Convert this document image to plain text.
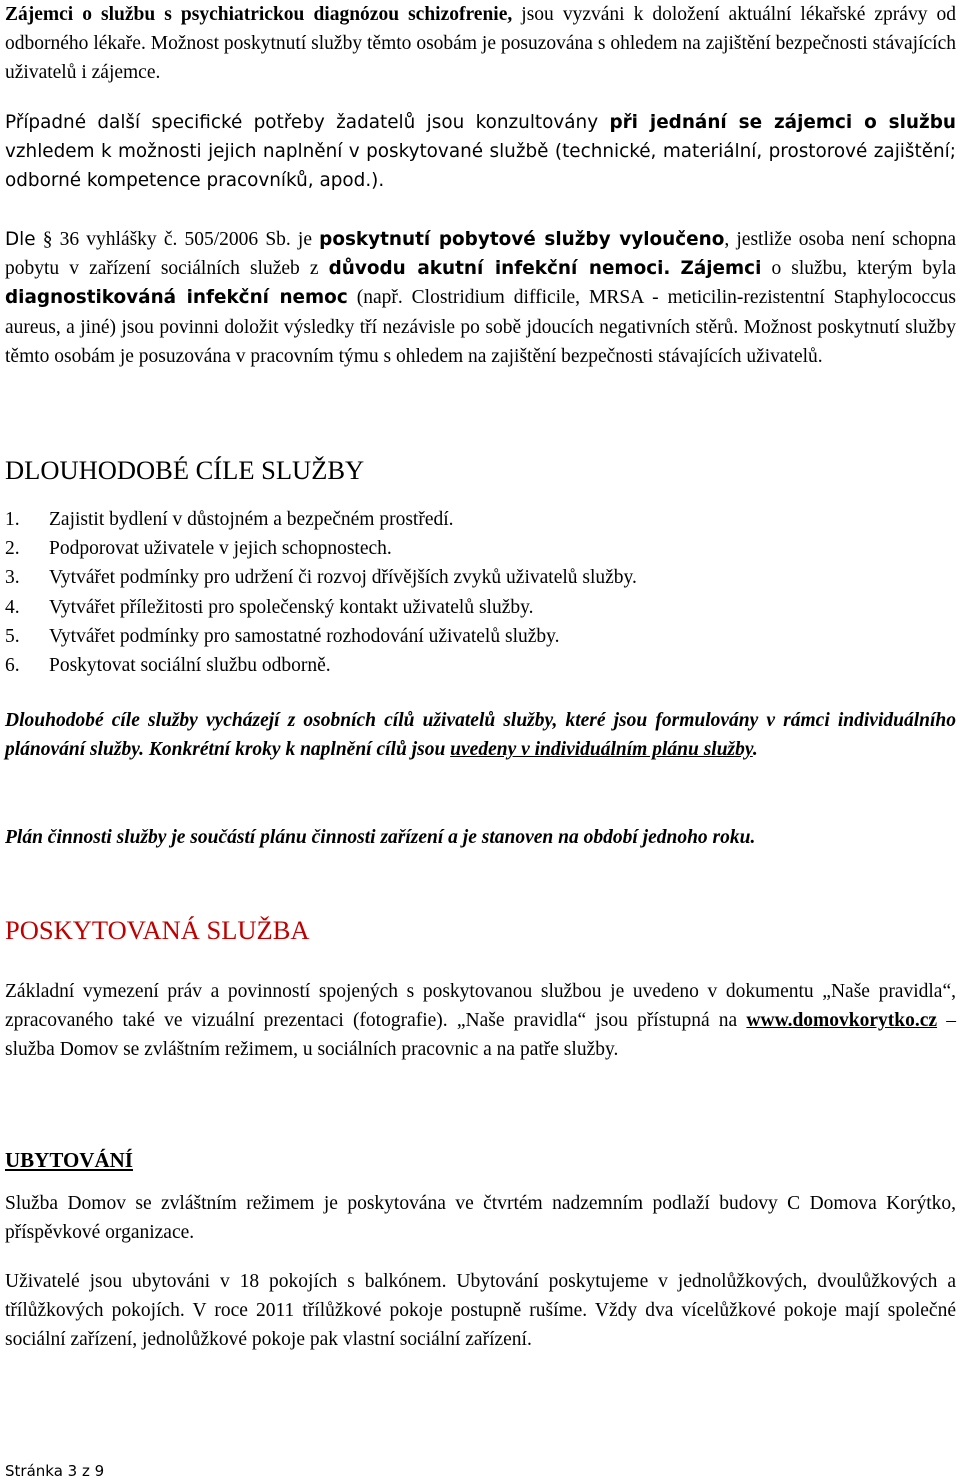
Zájemci o službu s psychiatrickou diagnózou schizofrenie, jsou vyzváni k doložení aktuální lékařské zprávy od odborného lékaře. Možnost poskytnutí služby těmto osobám je posuzována s ohledem na zajištění bezpečnosti stávajících uživatelů i zájemce.

Případné další specifické potřeby žadatelů jsou konzultovány při jednání se zájemci o službu vzhledem k možnosti jejich naplnění v poskytované službě (technické, materiální, prostorové zajištění; odborné kompetence pracovníků, apod.).

Dle § 36 vyhlášky č. 505/2006 Sb. je poskytnutí pobytové služby vyloučeno, jestliže osoba není schopna pobytu v zařízení sociálních služeb z důvodu akutní infekční nemoci. Zájemci o službu, kterým byla diagnostikováná infekční nemoc (např. Clostridium difficile, MRSA - meticilin-rezistentní Staphylococcus aureus, a jiné) jsou povinni doložit výsledky tří nezávisle po sobě jdoucích negativních stěrů. Možnost poskytnutí služby těmto osobám je posuzována v pracovním týmu s ohledem na zajištění bezpečnosti stávajících uživatelů.

DLOUHODOBÉ CÍLE SLUŽBY
1.	Zajistit bydlení v důstojném a bezpečném prostředí.
2.	Podporovat uživatele v jejich schopnostech.
3.	Vytvářet podmínky pro udržení či rozvoj dřívějších zvyků uživatelů služby.
4.	Vytvářet příležitosti pro společenský kontakt uživatelů služby.
5.	Vytvářet podmínky pro samostatné rozhodování uživatelů služby.
6.	Poskytovat sociální službu odborně.

Dlouhodobé cíle služby vycházejí z osobních cílů uživatelů služby, které jsou formulovány v rámci individuálního plánování služby. Konkrétní kroky k naplnění cílů jsou uvedeny v individuálním plánu služby.

Plán činnosti služby je součástí plánu činnosti zařízení a je stanoven na období jednoho roku.

POSKYTOVANÁ SLUŽBA

Základní vymezení práv a povinností spojených s poskytovanou službou je uvedeno v dokumentu „Naše pravidla“, zpracovaného také ve vizuální prezentaci (fotografie). „Naše pravidla“ jsou přístupná na www.domovkorytko.cz – služba Domov se zvláštním režimem, u sociálních pracovnic a na patře služby.

UBYTOVÁNÍ

Služba Domov se zvláštním režimem je poskytována ve čtvrtém nadzemním podlaží budovy C Domova Korýtko, příspěvkové organizace.

Uživatelé jsou ubytováni v 18 pokojích s balkónem. Ubytování poskytujeme v jednolůžkových, dvoulůžkových a třílůžkových pokojích. V roce 2011 třílůžkové pokoje postupně rušíme. Vždy dva vícelůžkové pokoje mají společné sociální zařízení, jednolůžkové pokoje pak vlastní sociální zařízení.

Stránka 3 z 9
